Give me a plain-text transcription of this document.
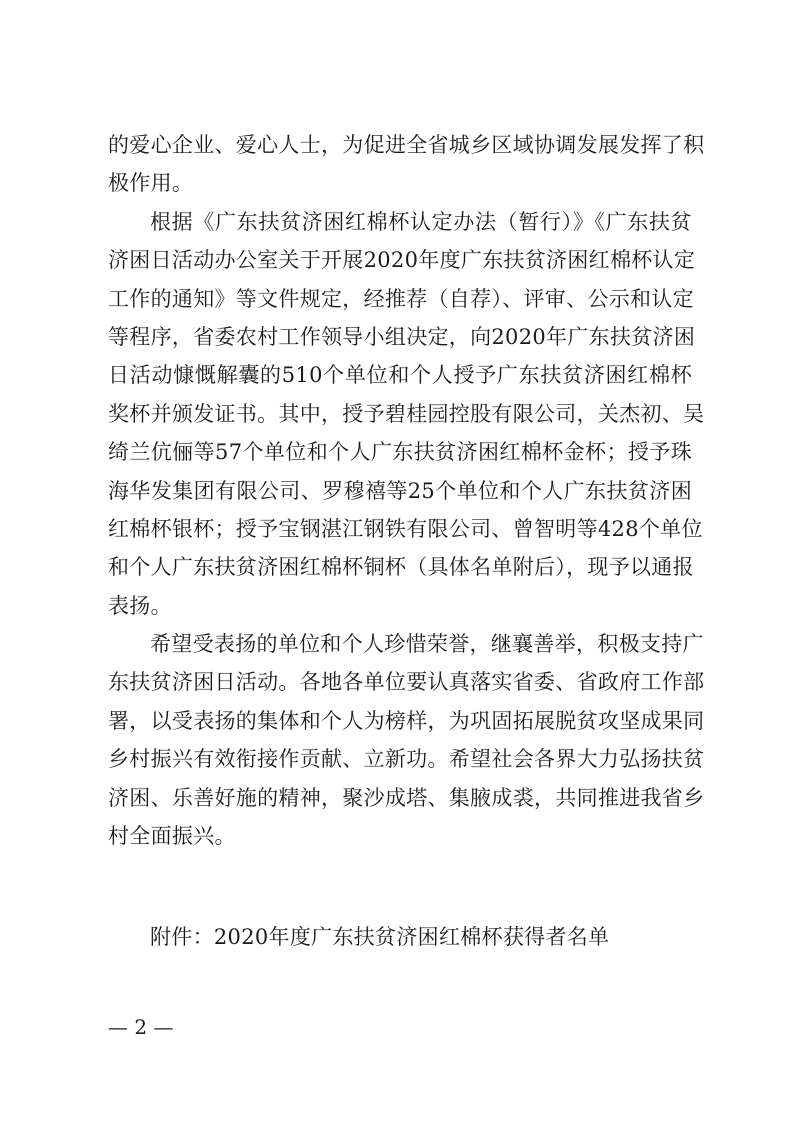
的爱心企业、爱心人士，为促进全省城乡区域协调发展发挥了积
极作用。
根据《广东扶贫济困红棉杯认定办法（暂行）》《广东扶贫
济困日活动办公室关于开展2020年度广东扶贫济困红棉杯认定
工作的通知》等文件规定，经推荐（自荐）、评审、公示和认定
等程序，省委农村工作领导小组决定，向2020年广东扶贫济困
日活动慷慨解囊的510个单位和个人授予广东扶贫济困红棉杯
奖杯并颁发证书。其中，授予碧桂园控股有限公司，关杰初、吴
绮兰伉俪等57个单位和个人广东扶贫济困红棉杯金杯；授予珠
海华发集团有限公司、罗穆禧等25个单位和个人广东扶贫济困
红棉杯银杯；授予宝钢湛江钢铁有限公司、曾智明等428个单位
和个人广东扶贫济困红棉杯铜杯（具体名单附后），现予以通报
表扬。
希望受表扬的单位和个人珍惜荣誉，继襄善举，积极支持广
东扶贫济困日活动。各地各单位要认真落实省委、省政府工作部
署，以受表扬的集体和个人为榜样，为巩固拓展脱贫攻坚成果同
乡村振兴有效衔接作贡献、立新功。希望社会各界大力弘扬扶贫
济困、乐善好施的精神，聚沙成塔、集腋成裘，共同推进我省乡
村全面振兴。
附件：2020年度广东扶贫济困红棉杯获得者名单
— 2 —
